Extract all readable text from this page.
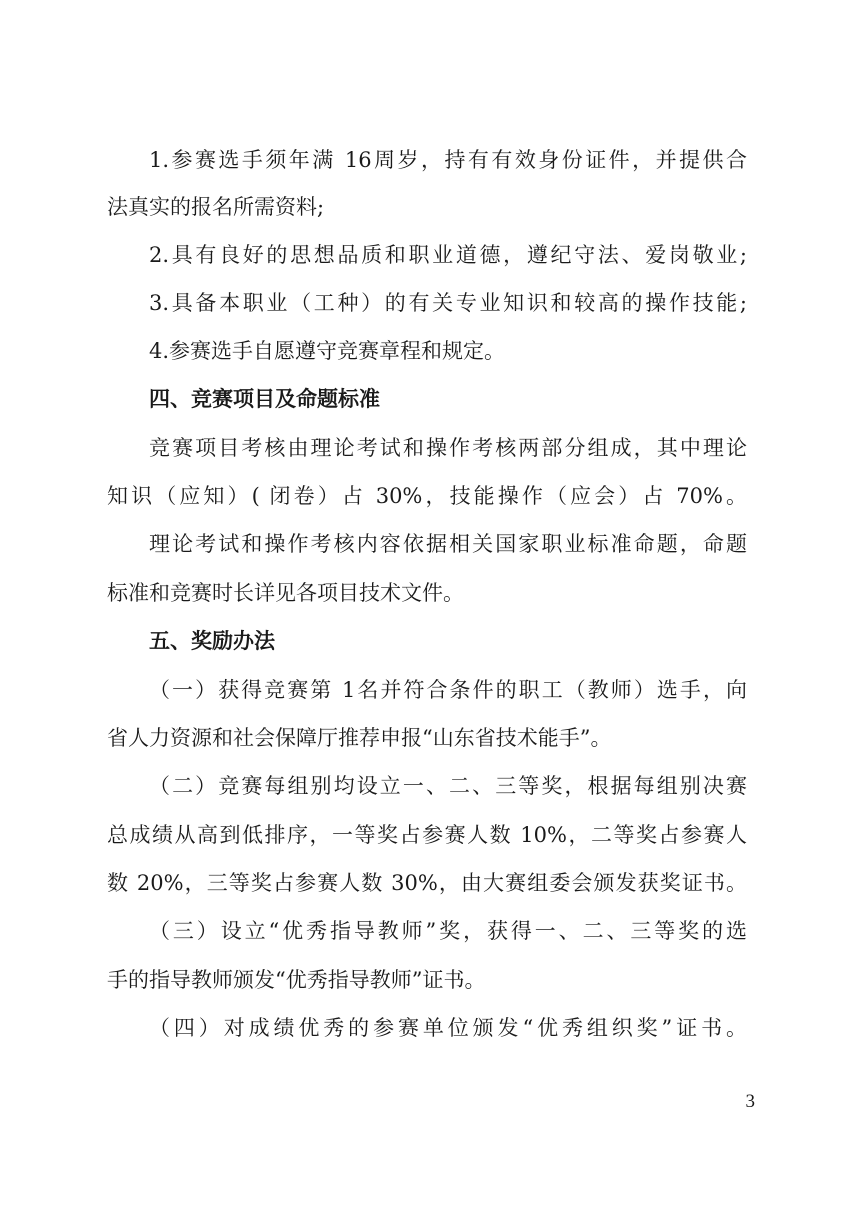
1.参赛选手须年满 16周岁，持有有效身份证件，并提供合
法真实的报名所需资料;
2.具有良好的思想品质和职业道德，遵纪守法、爱岗敬业;
3.具备本职业（工种）的有关专业知识和较高的操作技能;
4.参赛选手自愿遵守竞赛章程和规定。
四、竞赛项目及命题标准
竞赛项目考核由理论考试和操作考核两部分组成，其中理论
知识（应知）( 闭卷）占 30%，技能操作（应会）占 70%。
理论考试和操作考核内容依据相关国家职业标准命题，命题
标准和竞赛时长详见各项目技术文件。
五、奖励办法
（一）获得竞赛第 1名并符合条件的职工（教师）选手，向
省人力资源和社会保障厅推荐申报“山东省技术能手”。
（二）竞赛每组别均设立一、二、三等奖，根据每组别决赛
总成绩从高到低排序，一等奖占参赛人数 10%，二等奖占参赛人
数 20%，三等奖占参赛人数 30%，由大赛组委会颁发获奖证书。
（三）设立“优秀指导教师”奖，获得一、二、三等奖的选
手的指导教师颁发“优秀指导教师”证书。
（四）对成绩优秀的参赛单位颁发“优秀组织奖”证书。
3
